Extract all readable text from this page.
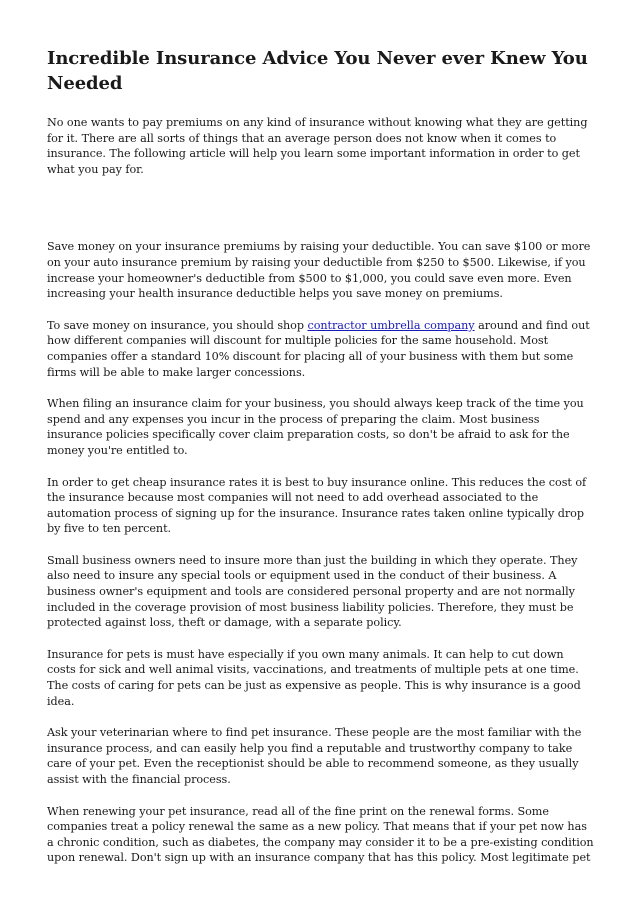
Incredible Insurance Advice You Never ever Knew You Needed

No one wants to pay premiums on any kind of insurance without knowing what they are getting for it. There are all sorts of things that an average person does not know when it comes to insurance. The following article will help you learn some important information in order to get what you pay for.

Save money on your insurance premiums by raising your deductible. You can save $100 or more on your auto insurance premium by raising your deductible from $250 to $500. Likewise, if you increase your homeowner's deductible from $500 to $1,000, you could save even more. Even increasing your health insurance deductible helps you save money on premiums.

To save money on insurance, you should shop contractor umbrella company around and find out how different companies will discount for multiple policies for the same household. Most companies offer a standard 10% discount for placing all of your business with them but some firms will be able to make larger concessions.

When filing an insurance claim for your business, you should always keep track of the time you spend and any expenses you incur in the process of preparing the claim. Most business insurance policies specifically cover claim preparation costs, so don't be afraid to ask for the money you're entitled to.

In order to get cheap insurance rates it is best to buy insurance online. This reduces the cost of the insurance because most companies will not need to add overhead associated to the automation process of signing up for the insurance. Insurance rates taken online typically drop by five to ten percent.

Small business owners need to insure more than just the building in which they operate. They also need to insure any special tools or equipment used in the conduct of their business. A business owner's equipment and tools are considered personal property and are not normally included in the coverage provision of most business liability policies. Therefore, they must be protected against loss, theft or damage, with a separate policy.

Insurance for pets is must have especially if you own many animals. It can help to cut down costs for sick and well animal visits, vaccinations, and treatments of multiple pets at one time. The costs of caring for pets can be just as expensive as people. This is why insurance is a good idea.

Ask your veterinarian where to find pet insurance. These people are the most familiar with the insurance process, and can easily help you find a reputable and trustworthy company to take care of your pet. Even the receptionist should be able to recommend someone, as they usually assist with the financial process.

When renewing your pet insurance, read all of the fine print on the renewal forms. Some companies treat a policy renewal the same as a new policy. That means that if your pet now has a chronic condition, such as diabetes, the company may consider it to be a pre-existing condition upon renewal. Don't sign up with an insurance company that has this policy. Most legitimate pet
